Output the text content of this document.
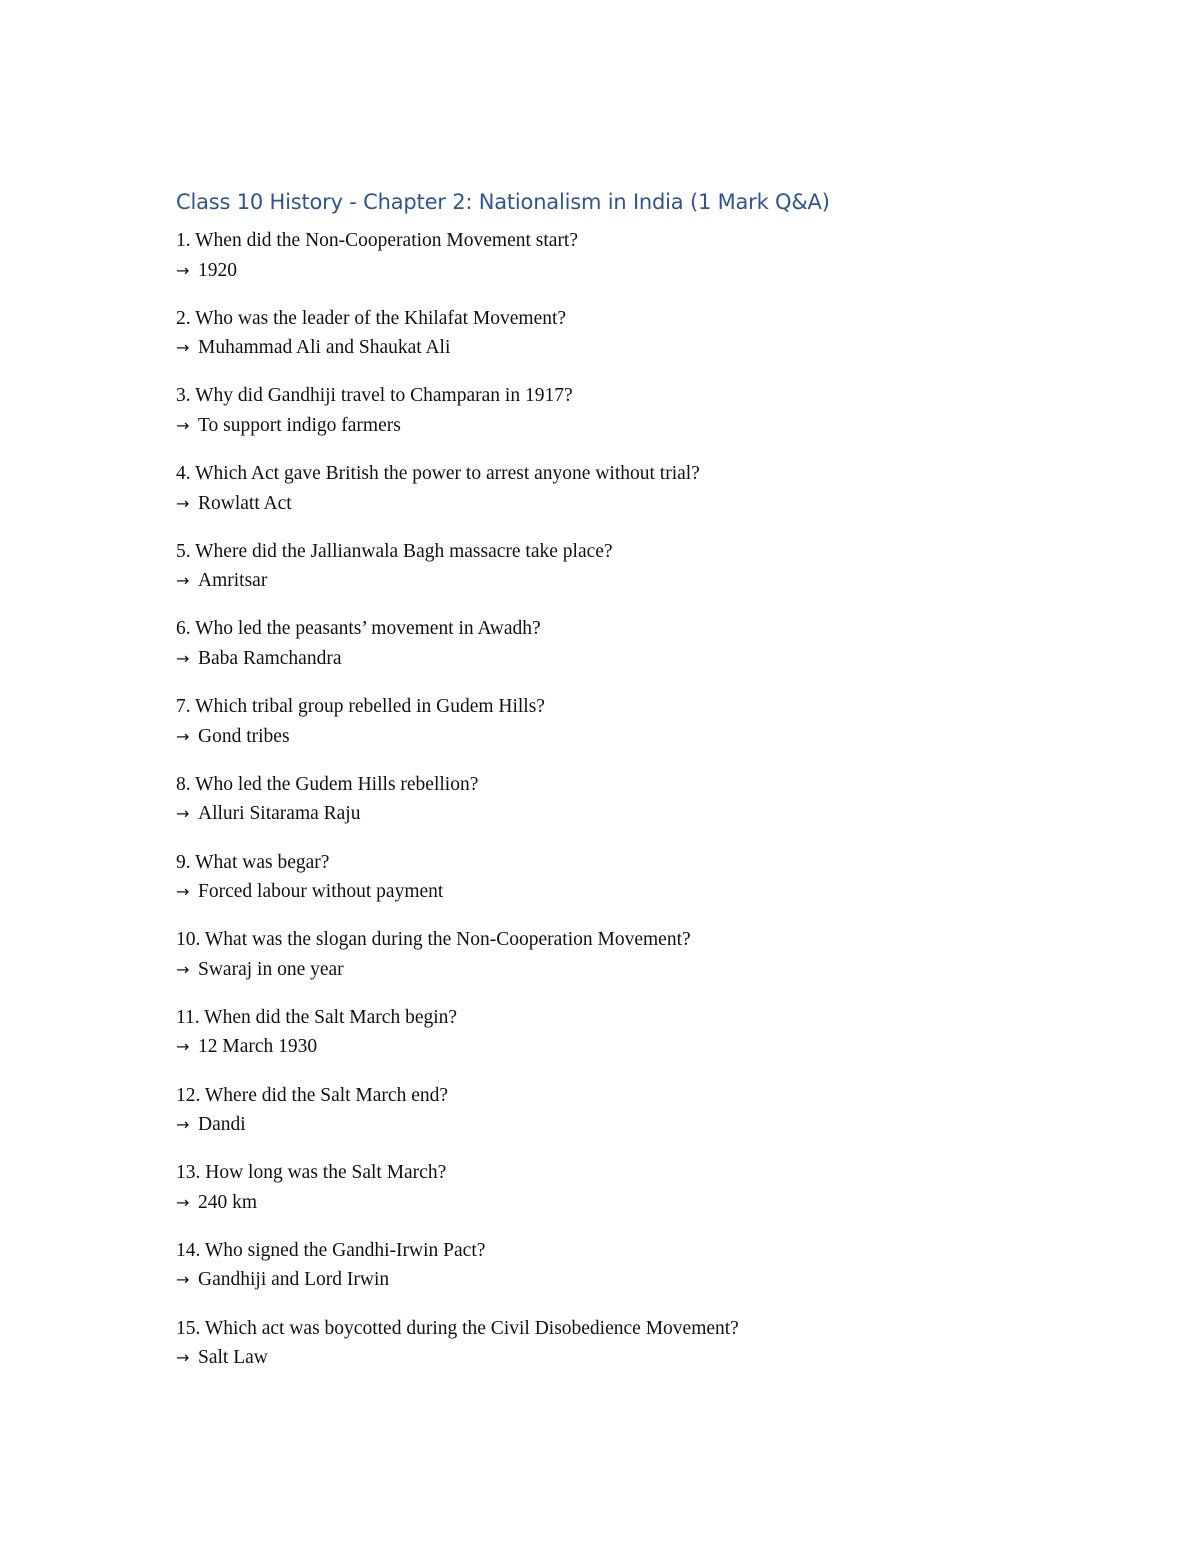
Class 10 History - Chapter 2: Nationalism in India (1 Mark Q&A)
1. When did the Non-Cooperation Movement start?
→ 1920
2. Who was the leader of the Khilafat Movement?
→ Muhammad Ali and Shaukat Ali
3. Why did Gandhiji travel to Champaran in 1917?
→ To support indigo farmers
4. Which Act gave British the power to arrest anyone without trial?
→ Rowlatt Act
5. Where did the Jallianwala Bagh massacre take place?
→ Amritsar
6. Who led the peasants’ movement in Awadh?
→ Baba Ramchandra
7. Which tribal group rebelled in Gudem Hills?
→ Gond tribes
8. Who led the Gudem Hills rebellion?
→ Alluri Sitarama Raju
9. What was begar?
→ Forced labour without payment
10. What was the slogan during the Non-Cooperation Movement?
→ Swaraj in one year
11. When did the Salt March begin?
→ 12 March 1930
12. Where did the Salt March end?
→ Dandi
13. How long was the Salt March?
→ 240 km
14. Who signed the Gandhi-Irwin Pact?
→ Gandhiji and Lord Irwin
15. Which act was boycotted during the Civil Disobedience Movement?
→ Salt Law
